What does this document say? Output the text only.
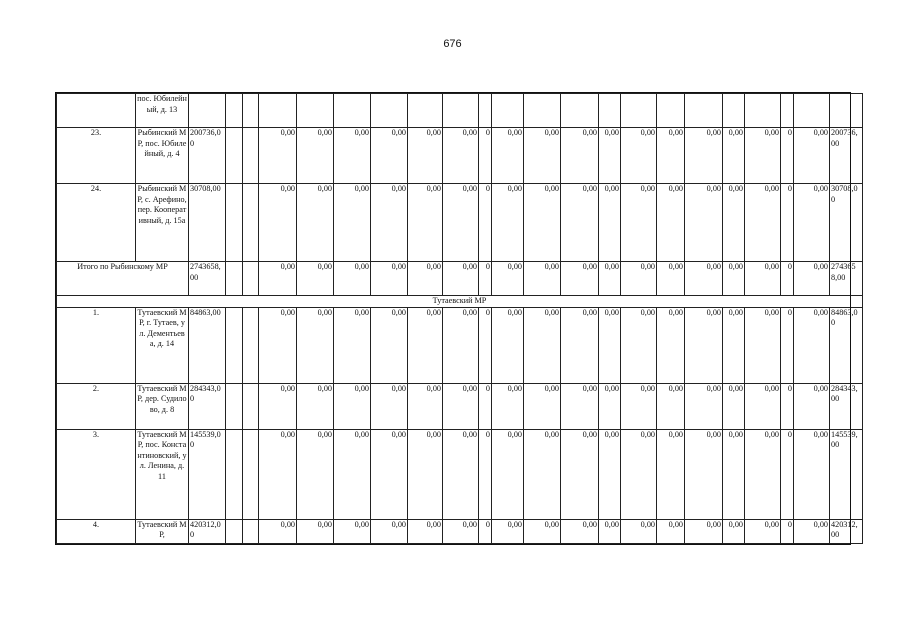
676
	пос. Юбилейный, д. 13																						
23.	Рыбинский МР, пос. Юбилейный, д. 4	200736,00			0,00	0,00	0,00	0,00	0,00	0,00	0	0,00	0,00	0,00	0,00	0,00	0,00	0,00	0,00	0,00	0	0,00	200736,00
24.	Рыбинский МР, с. Арефино, пер. Кооперативный, д. 15а	30708,00			0,00	0,00	0,00	0,00	0,00	0,00	0	0,00	0,00	0,00	0,00	0,00	0,00	0,00	0,00	0,00	0	0,00	30708,00
Итого по Рыбинскому МР		2743658,00			0,00	0,00	0,00	0,00	0,00	0,00	0	0,00	0,00	0,00	0,00	0,00	0,00	0,00	0,00	0,00	0	0,00	2743658,00
Тутаевский МР																							
1.	Тутаевский МР, г. Тутаев, ул. Дементьева, д. 14	84863,00			0,00	0,00	0,00	0,00	0,00	0,00	0	0,00	0,00	0,00	0,00	0,00	0,00	0,00	0,00	0,00	0	0,00	84863,00
2.	Тутаевский МР, дер. Судилово, д. 8	284343,00			0,00	0,00	0,00	0,00	0,00	0,00	0	0,00	0,00	0,00	0,00	0,00	0,00	0,00	0,00	0,00	0	0,00	284343,00
3.	Тутаевский МР, пос. Константиновский, ул. Ленина, д. 11	145539,00			0,00	0,00	0,00	0,00	0,00	0,00	0	0,00	0,00	0,00	0,00	0,00	0,00	0,00	0,00	0,00	0	0,00	145539,00
4.	Тутаевский МР,	420312,00			0,00	0,00	0,00	0,00	0,00	0,00	0	0,00	0,00	0,00	0,00	0,00	0,00	0,00	0,00	0,00	0	0,00	420312,00
